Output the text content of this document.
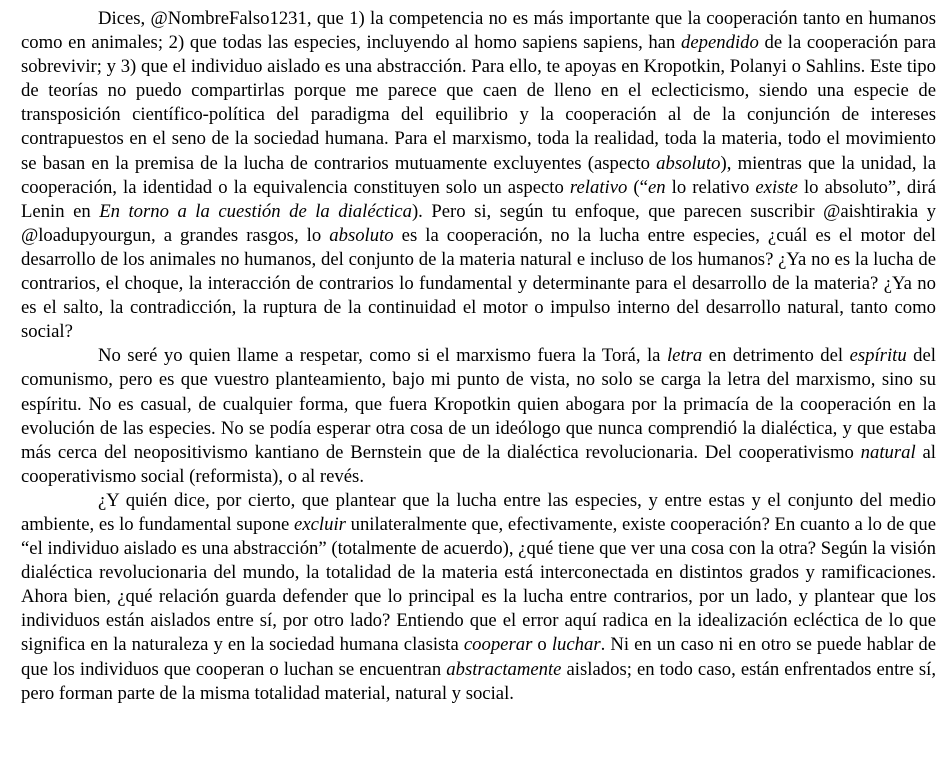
Dices, @NombreFalso1231, que 1) la competencia no es más importante que la cooperación tanto en humanos como en animales; 2) que todas las especies, incluyendo al homo sapiens sapiens, han dependido de la cooperación para sobrevivir; y 3) que el individuo aislado es una abstracción. Para ello, te apoyas en Kropotkin, Polanyi o Sahlins. Este tipo de teorías no puedo compartirlas porque me parece que caen de lleno en el eclecticismo, siendo una especie de transposición científico-política del paradigma del equilibrio y la cooperación al de la conjunción de intereses contrapuestos en el seno de la sociedad humana. Para el marxismo, toda la realidad, toda la materia, todo el movimiento se basan en la premisa de la lucha de contrarios mutuamente excluyentes (aspecto absoluto), mientras que la unidad, la cooperación, la identidad o la equivalencia constituyen solo un aspecto relativo (“en lo relativo existe lo absoluto”, dirá Lenin en En torno a la cuestión de la dialéctica). Pero si, según tu enfoque, que parecen suscribir @aishtirakia y @loadupyourgun, a grandes rasgos, lo absoluto es la cooperación, no la lucha entre especies, ¿cuál es el motor del desarrollo de los animales no humanos, del conjunto de la materia natural e incluso de los humanos? ¿Ya no es la lucha de contrarios, el choque, la interacción de contrarios lo fundamental y determinante para el desarrollo de la materia? ¿Ya no es el salto, la contradicción, la ruptura de la continuidad el motor o impulso interno del desarrollo natural, tanto como social?

No seré yo quien llame a respetar, como si el marxismo fuera la Torá, la letra en detrimento del espíritu del comunismo, pero es que vuestro planteamiento, bajo mi punto de vista, no solo se carga la letra del marxismo, sino su espíritu. No es casual, de cualquier forma, que fuera Kropotkin quien abogara por la primacía de la cooperación en la evolución de las especies. No se podía esperar otra cosa de un ideólogo que nunca comprendió la dialéctica, y que estaba más cerca del neopositivismo kantiano de Bernstein que de la dialéctica revolucionaria. Del cooperativismo natural al cooperativismo social (reformista), o al revés.

¿Y quién dice, por cierto, que plantear que la lucha entre las especies, y entre estas y el conjunto del medio ambiente, es lo fundamental supone excluir unilateralmente que, efectivamente, existe cooperación? En cuanto a lo de que “el individuo aislado es una abstracción” (totalmente de acuerdo), ¿qué tiene que ver una cosa con la otra? Según la visión dialéctica revolucionaria del mundo, la totalidad de la materia está interconectada en distintos grados y ramificaciones. Ahora bien, ¿qué relación guarda defender que lo principal es la lucha entre contrarios, por un lado, y plantear que los individuos están aislados entre sí, por otro lado? Entiendo que el error aquí radica en la idealización ecléctica de lo que significa en la naturaleza y en la sociedad humana clasista cooperar o luchar. Ni en un caso ni en otro se puede hablar de que los individuos que cooperan o luchan se encuentran abstractamente aislados; en todo caso, están enfrentados entre sí, pero forman parte de la misma totalidad material, natural y social.
